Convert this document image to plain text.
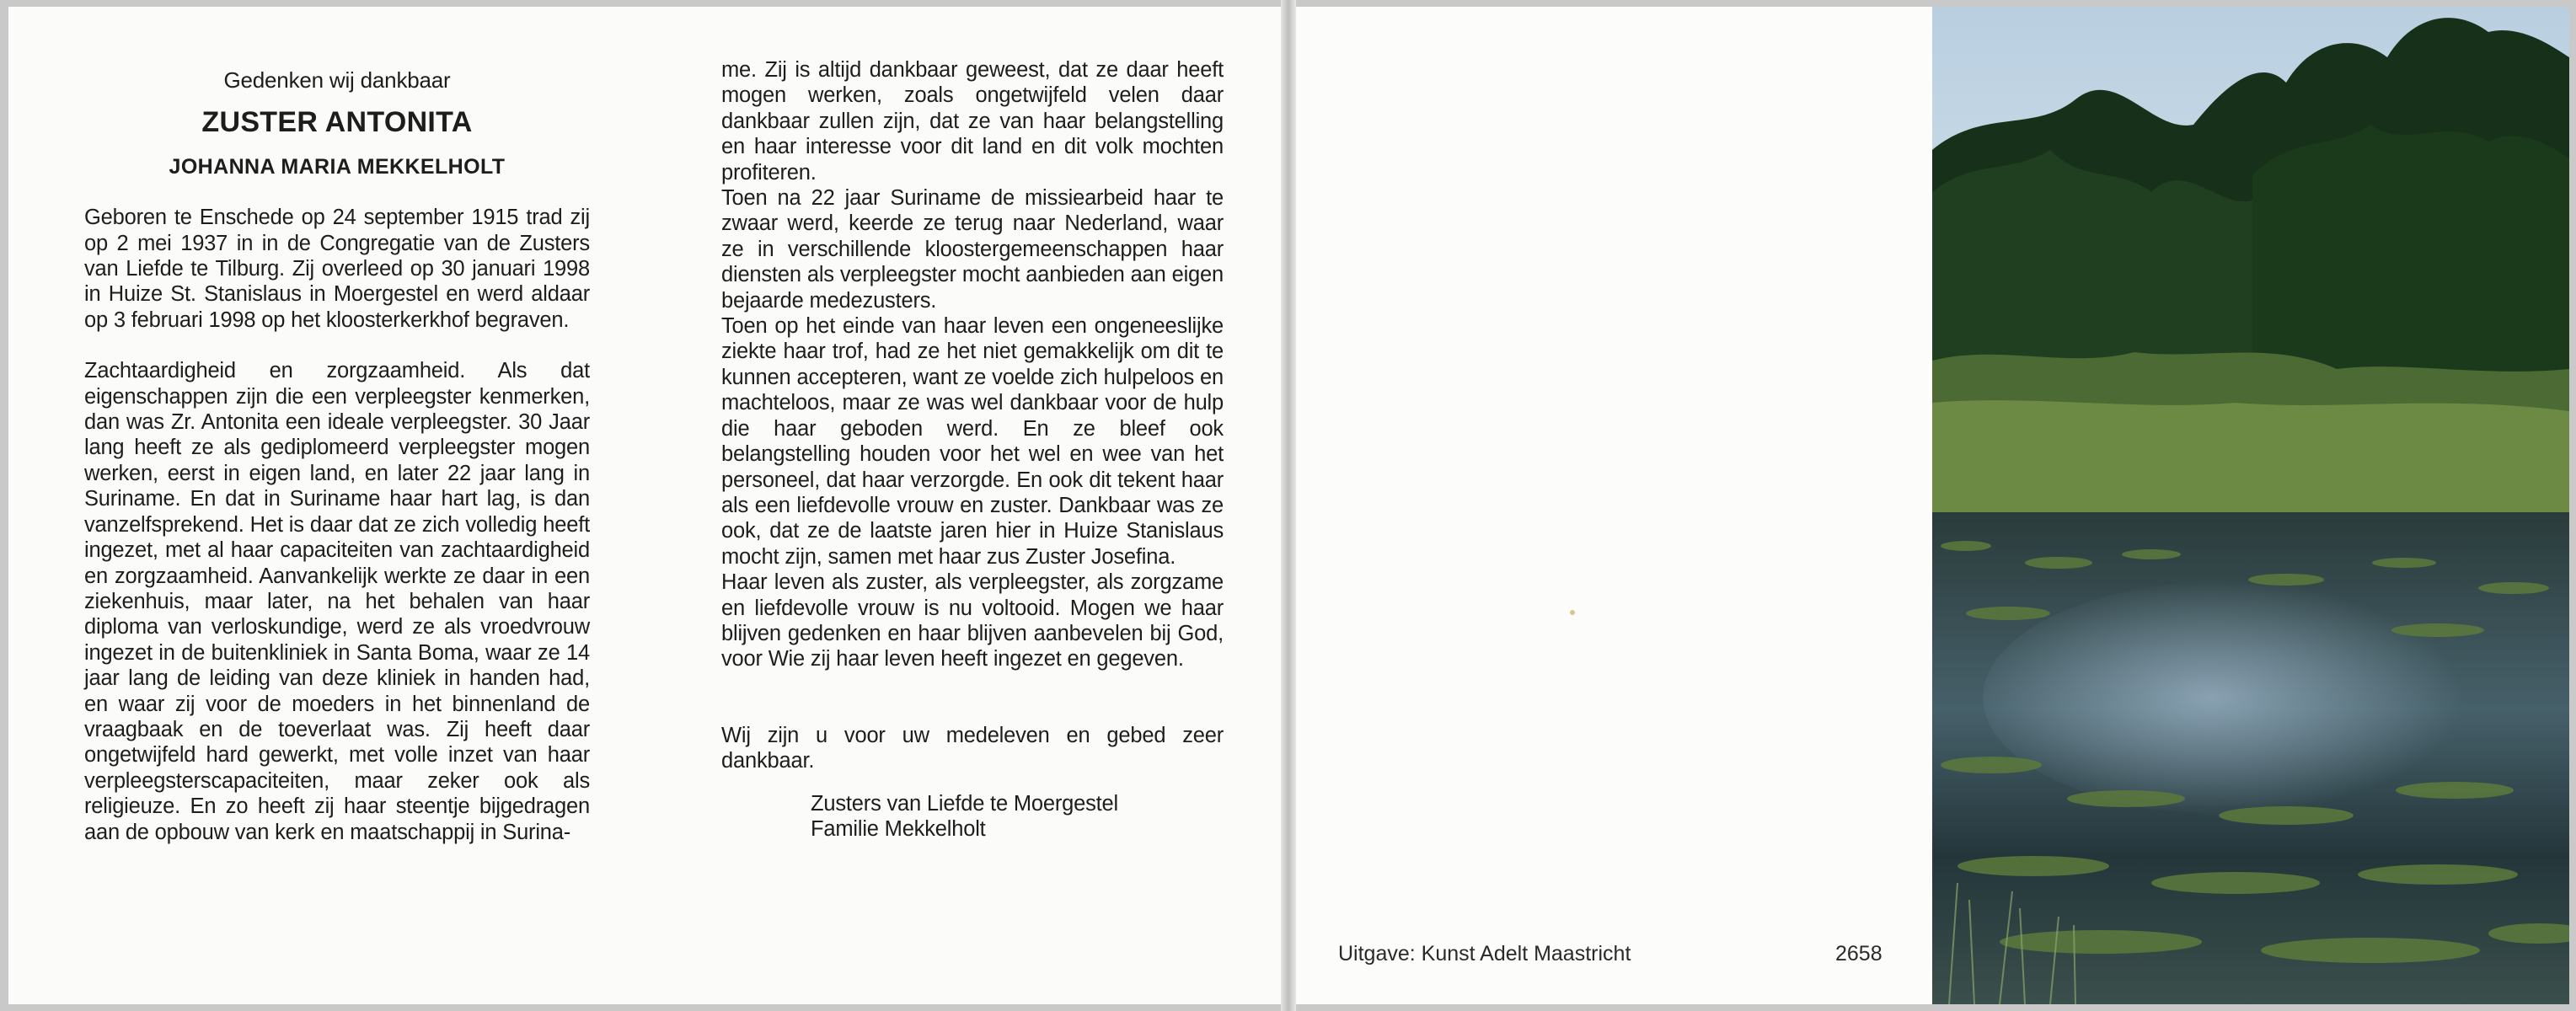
Gedenken wij dankbaar
ZUSTER ANTONITA
JOHANNA MARIA MEKKELHOLT

Geboren te Enschede op 24 september 1915 trad zij op 2 mei 1937 in in de Congregatie van de Zusters van Liefde te Tilburg. Zij overleed op 30 januari 1998 in Huize St. Stanislaus in Moergestel en werd aldaar op 3 februari 1998 op het kloosterkerkhof begraven.

Zachtaardigheid en zorgzaamheid. Als dat eigenschappen zijn die een verpleegster kenmerken, dan was Zr. Antonita een ideale verpleegster. 30 Jaar lang heeft ze als gediplomeerd verpleegster mogen werken, eerst in eigen land, en later 22 jaar lang in Suriname. En dat in Suriname haar hart lag, is dan vanzelfsprekend. Het is daar dat ze zich volledig heeft ingezet, met al haar capaciteiten van zachtaardigheid en zorgzaamheid. Aanvankelijk werkte ze daar in een ziekenhuis, maar later, na het behalen van haar diploma van verloskundige, werd ze als vroedvrouw ingezet in de buitenkliniek in Santa Boma, waar ze 14 jaar lang de leiding van deze kliniek in handen had, en waar zij voor de moeders in het binnenland de vraagbaak en de toeverlaat was. Zij heeft daar ongetwijfeld hard gewerkt, met volle inzet van haar verpleegsterscapaciteiten, maar zeker ook als religieuze. En zo heeft zij haar steentje bijgedragen aan de opbouw van kerk en maatschappij in Surina-

me. Zij is altijd dankbaar geweest, dat ze daar heeft mogen werken, zoals ongetwijfeld velen daar dankbaar zullen zijn, dat ze van haar belangstelling en haar interesse voor dit land en dit volk mochten profiteren.

Toen na 22 jaar Suriname de missiearbeid haar te zwaar werd, keerde ze terug naar Nederland, waar ze in verschillende kloostergemeenschappen haar diensten als verpleegster mocht aanbieden aan eigen bejaarde medezusters.

Toen op het einde van haar leven een ongeneeslijke ziekte haar trof, had ze het niet gemakkelijk om dit te kunnen accepteren, want ze voelde zich hulpeloos en machteloos, maar ze was wel dankbaar voor de hulp die haar geboden werd. En ze bleef ook belangstelling houden voor het wel en wee van het personeel, dat haar verzorgde. En ook dit tekent haar als een liefdevolle vrouw en zuster. Dankbaar was ze ook, dat ze de laatste jaren hier in Huize Stanislaus mocht zijn, samen met haar zus Zuster Josefina.

Haar leven als zuster, als verpleegster, als zorgzame en liefdevolle vrouw is nu voltooid. Mogen we haar blijven gedenken en haar blijven aanbevelen bij God, voor Wie zij haar leven heeft ingezet en gegeven.

Wij zijn u voor uw medeleven en gebed zeer dankbaar.

Zusters van Liefde te Moergestel
Familie Mekkelholt
Uitgave: Kunst Adelt Maastricht	2658
